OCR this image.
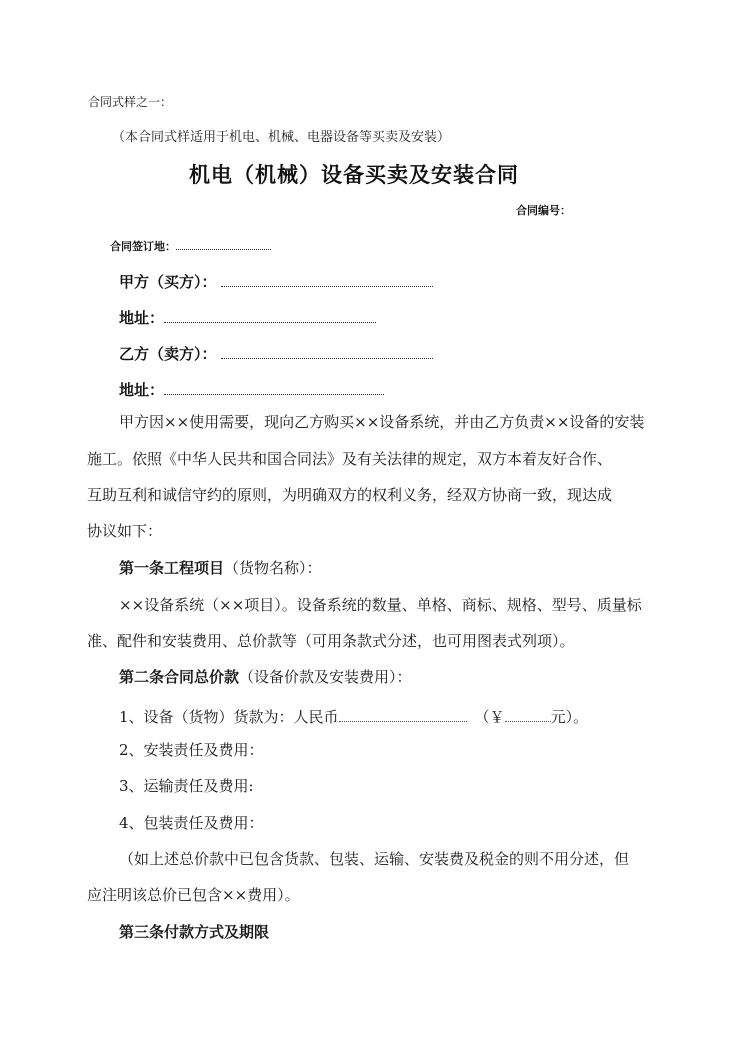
合同式样之一：
（本合同式样适用于机电、机械、电器设备等买卖及安装）
机电（机械）设备买卖及安装合同
合同编号：
合同签订地：
甲方（买方）：
地址：
乙方（卖方）：
地址：
甲方因××使用需要，现向乙方购买××设备系统，并由乙方负责××设备的安装
施工。依照《中华人民共和国合同法》及有关法律的规定，双方本着友好合作、
互助互利和诚信守约的原则，为明确双方的权利义务，经双方协商一致，现达成
协议如下：
第一条工程项目（货物名称）：
××设备系统（××项目）。设备系统的数量、单格、商标、规格、型号、质量标
准、配件和安装费用、总价款等（可用条款式分述，也可用图表式列项）。
第二条合同总价款（设备价款及安装费用）：
1、设备（货物）货款为：人民币	（￥	元）。
2、安装责任及费用：
3、运输责任及费用:
4、包装责任及费用：
（如上述总价款中已包含货款、包装、运输、安装费及税金的则不用分述，但
应注明该总价已包含××费用）。
第三条付款方式及期限
